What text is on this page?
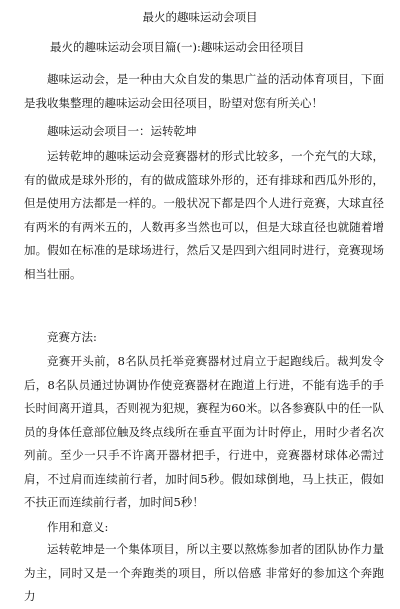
最火的趣味运动会项目
最火的趣味运动会项目篇(一):趣味运动会田径项目

趣味运动会，是一种由大众自发的集思广益的活动体育项目，下面是我收集整理的趣味运动会田径项目，盼望对您有所关心！

趣味运动会项目一：运转乾坤

运转乾坤的趣味运动会竞赛器材的形式比较多，一个充气的大球，有的做成是球外形的，有的做成篮球外形的，还有排球和西瓜外形的，但是使用方法都是一样的。一般状况下都是四个人进行竞赛，大球直径有两米的有两米五的，人数再多当然也可以，但是大球直径也就随着增加。假如在标准的是球场进行，然后又是四到六组同时进行，竞赛现场相当壮丽。

竞赛方法:

竞赛开头前，8名队员托举竞赛器材过肩立于起跑线后。裁判发令后，8名队员通过协调协作使竞赛器材在跑道上行进，不能有选手的手长时间离开道具，否则视为犯规，赛程为60米。以各参赛队中的任一队员的身体任意部位触及终点线所在垂直平面为计时停止，用时少者名次列前。至少一只手不许离开器材把手，行进中，竞赛器材球体必需过肩，不过肩而连续前行者，加时间5秒。假如球倒地，马上扶正，假如不扶正而连续前行者，加时间5秒！

作用和意义:

运转乾坤是一个集体项目，所以主要以熬炼参加者的团队协作力量为主，同时又是一个奔跑类的项目，所以倍感 非常好的参加这个奔跑力
